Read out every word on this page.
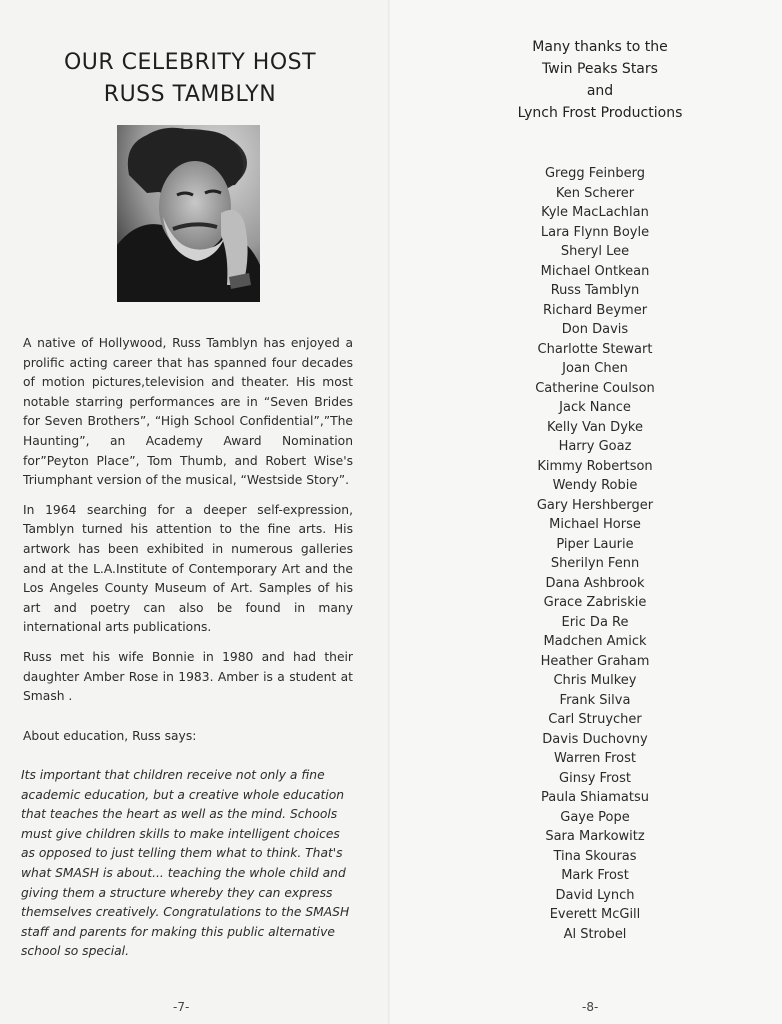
OUR CELEBRITY HOST
RUSS TAMBLYN

A native of Hollywood, Russ Tamblyn has enjoyed a prolific acting career that has spanned four decades of motion pictures,television and theater. His most notable starring performances are in “Seven Brides for Seven Brothers”, “High School Confidential”,”The Haunting”, an Academy Award Nomination for”Peyton Place”, Tom Thumb, and Robert Wise's Triumphant version of the musical, “Westside Story”.

In 1964 searching for a deeper self-expression, Tamblyn turned his attention to the fine arts. His artwork has been exhibited in numerous galleries and at the L.A.Institute of Contemporary Art and the Los Angeles County Museum of Art. Samples of his art and poetry can also be found in many international arts publications.

Russ met his wife Bonnie in 1980 and had their daughter Amber Rose in 1983. Amber is a student at Smash .

About education, Russ says:

Its important that children receive not only a fine academic education, but a creative whole education that teaches the heart as well as the mind. Schools must give children skills to make intelligent choices as opposed to just telling them what to think. That's what SMASH is about... teaching the whole child and giving them a structure whereby they can express themselves creatively. Congratulations to the SMASH staff and parents for making this public alternative school so special.

-7-
Many thanks to the
Twin Peaks Stars
and
Lynch Frost Productions
Gregg Feinberg
Ken Scherer
Kyle MacLachlan
Lara Flynn Boyle
Sheryl Lee
Michael Ontkean
Russ Tamblyn
Richard Beymer
Don Davis
Charlotte Stewart
Joan Chen
Catherine Coulson
Jack Nance
Kelly Van Dyke
Harry Goaz
Kimmy Robertson
Wendy Robie
Gary Hershberger
Michael Horse
Piper Laurie
Sherilyn Fenn
Dana Ashbrook
Grace Zabriskie
Eric Da Re
Madchen Amick
Heather Graham
Chris Mulkey
Frank Silva
Carl Struycher
Davis Duchovny
Warren Frost
Ginsy Frost
Paula Shiamatsu
Gaye Pope
Sara Markowitz
Tina Skouras
Mark Frost
David Lynch
Everett McGill
Al Strobel
-8-
